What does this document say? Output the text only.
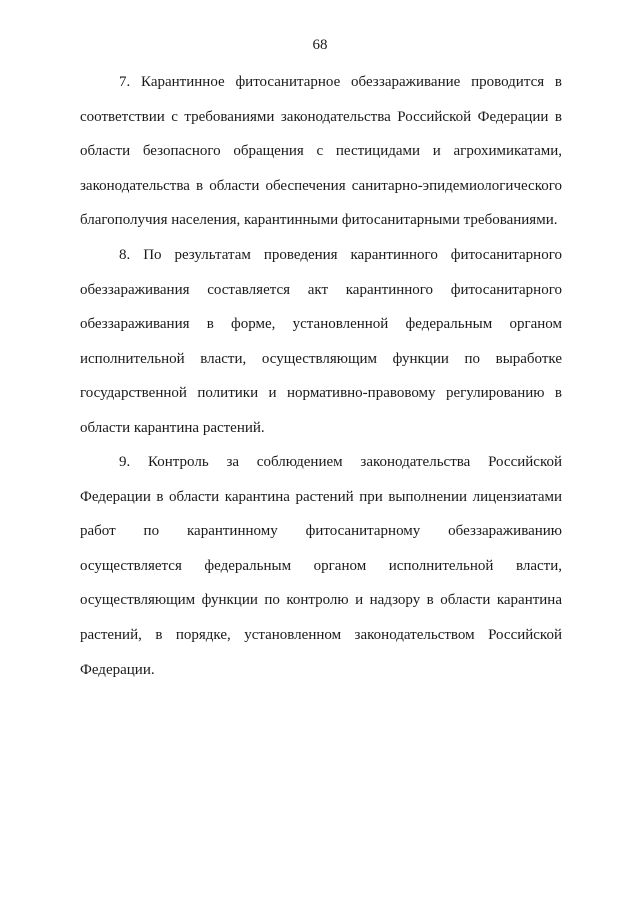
68
7. Карантинное фитосанитарное обеззараживание проводится в
соответствии с требованиями законодательства Российской Федерации в
области безопасного обращения с пестицидами и агрохимикатами,
законодательства в области обеспечения санитарно-эпидемиологического
благополучия населения, карантинными фитосанитарными требованиями.
8. По результатам проведения карантинного фитосанитарного
обеззараживания составляется акт карантинного фитосанитарного
обеззараживания в форме, установленной федеральным органом
исполнительной власти, осуществляющим функции по выработке
государственной политики и нормативно-правовому регулированию в
области карантина растений.
9. Контроль за соблюдением законодательства Российской
Федерации в области карантина растений при выполнении лицензиатами
работ по карантинному фитосанитарному обеззараживанию
осуществляется федеральным органом исполнительной власти,
осуществляющим функции по контролю и надзору в области карантина
растений, в порядке, установленном законодательством Российской
Федерации.
